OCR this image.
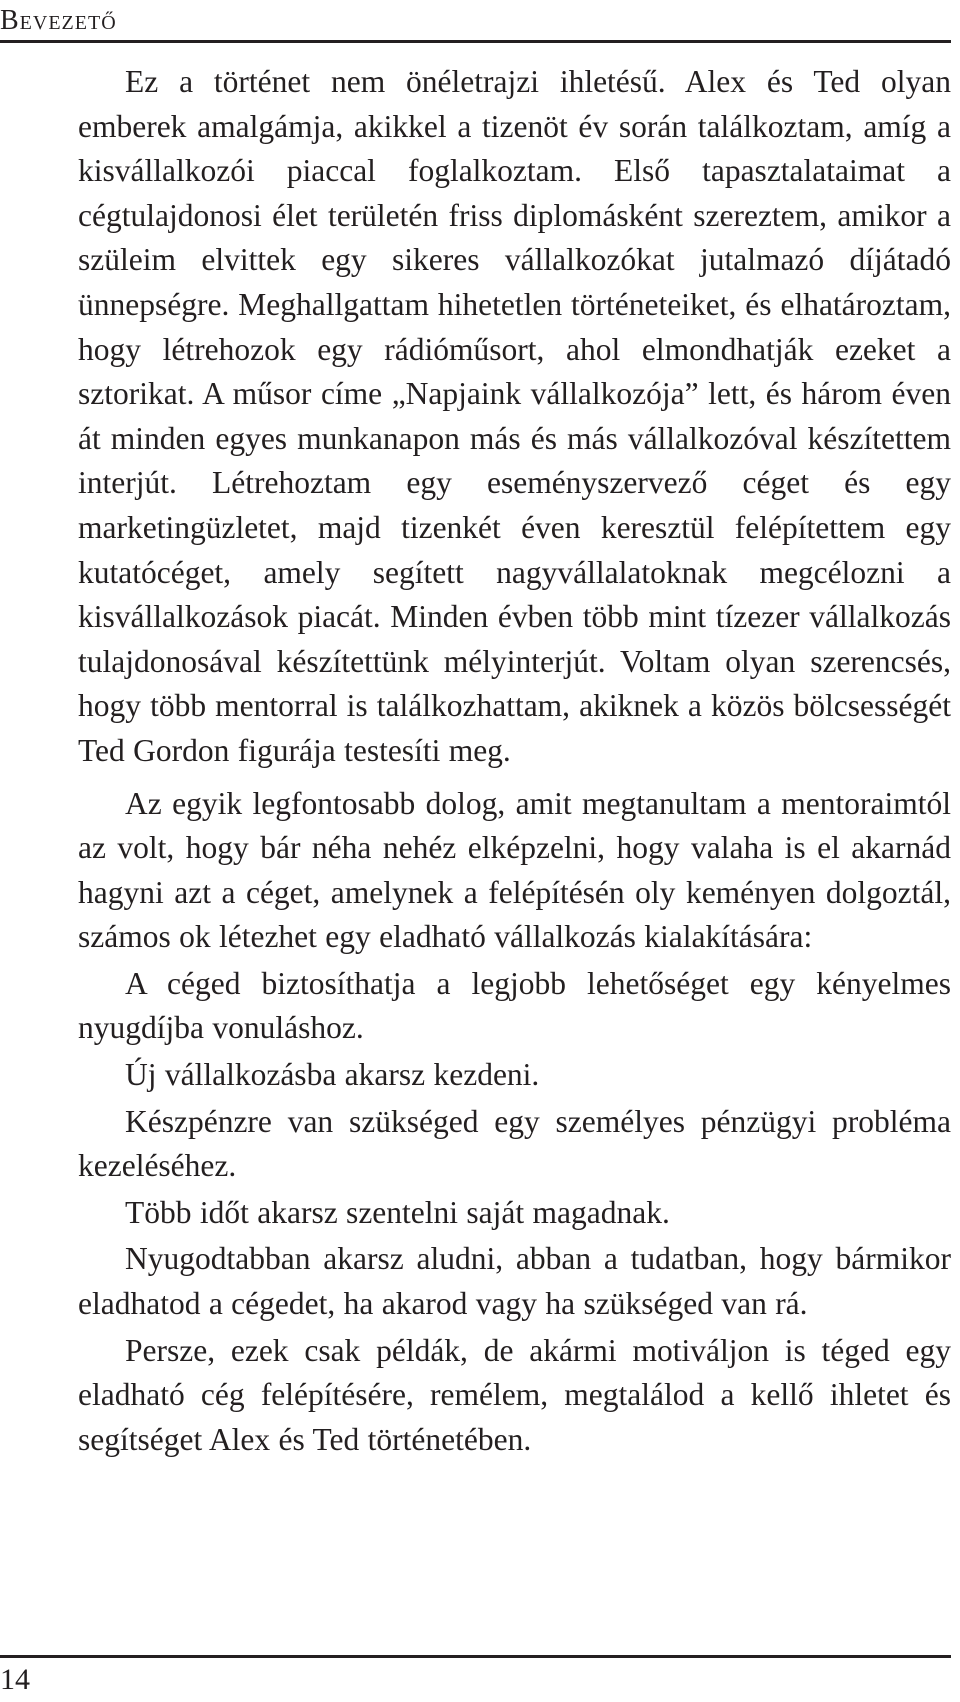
Bevezető

Ez a történet nem önéletrajzi ihletésű. Alex és Ted olyan emberek amalgámja, akikkel a tizenöt év során találkoztam, amíg a kisvállalkozói piaccal foglalkoztam. Első tapasztalataimat a cégtulajdonosi élet területén friss diplomásként szereztem, amikor a szüleim elvittek egy sikeres vállalkozókat jutalmazó díjátadó ünnepségre. Meghallgattam hihetetlen történeteiket, és elhatároztam, hogy létrehozok egy rádióműsort, ahol elmondhatják ezeket a sztorikat. A műsor címe „Napjaink vállalkozója” lett, és három éven át minden egyes munkanapon más és más vállalkozóval készítettem interjút. Létrehoztam egy eseményszervező céget és egy marketingüzletet, majd tizenkét éven keresztül felépítettem egy kutatócéget, amely segített nagyvállalatoknak megcélozni a kisvállalkozások piacát. Minden évben több mint tízezer vállalkozás tulajdonosával készítettünk mélyinterjút. Voltam olyan szerencsés, hogy több mentorral is találkozhattam, akiknek a közös bölcsességét Ted Gordon figurája testesíti meg.

Az egyik legfontosabb dolog, amit megtanultam a mentoraimtól az volt, hogy bár néha nehéz elképzelni, hogy valaha is el akarnád hagyni azt a céget, amelynek a felépítésén oly keményen dolgoztál, számos ok létezhet egy eladható vállalkozás kialakítására:

A céged biztosíthatja a legjobb lehetőséget egy kényelmes nyugdíjba vonuláshoz.

Új vállalkozásba akarsz kezdeni.

Készpénzre van szükséged egy személyes pénzügyi probléma kezeléséhez.

Több időt akarsz szentelni saját magadnak.

Nyugodtabban akarsz aludni, abban a tudatban, hogy bármikor eladhatod a cégedet, ha akarod vagy ha szükséged van rá.

Persze, ezek csak példák, de akármi motiváljon is téged egy eladható cég felépítésére, remélem, megtalálod a kellő ihletet és segítséget Alex és Ted történetében.

14
